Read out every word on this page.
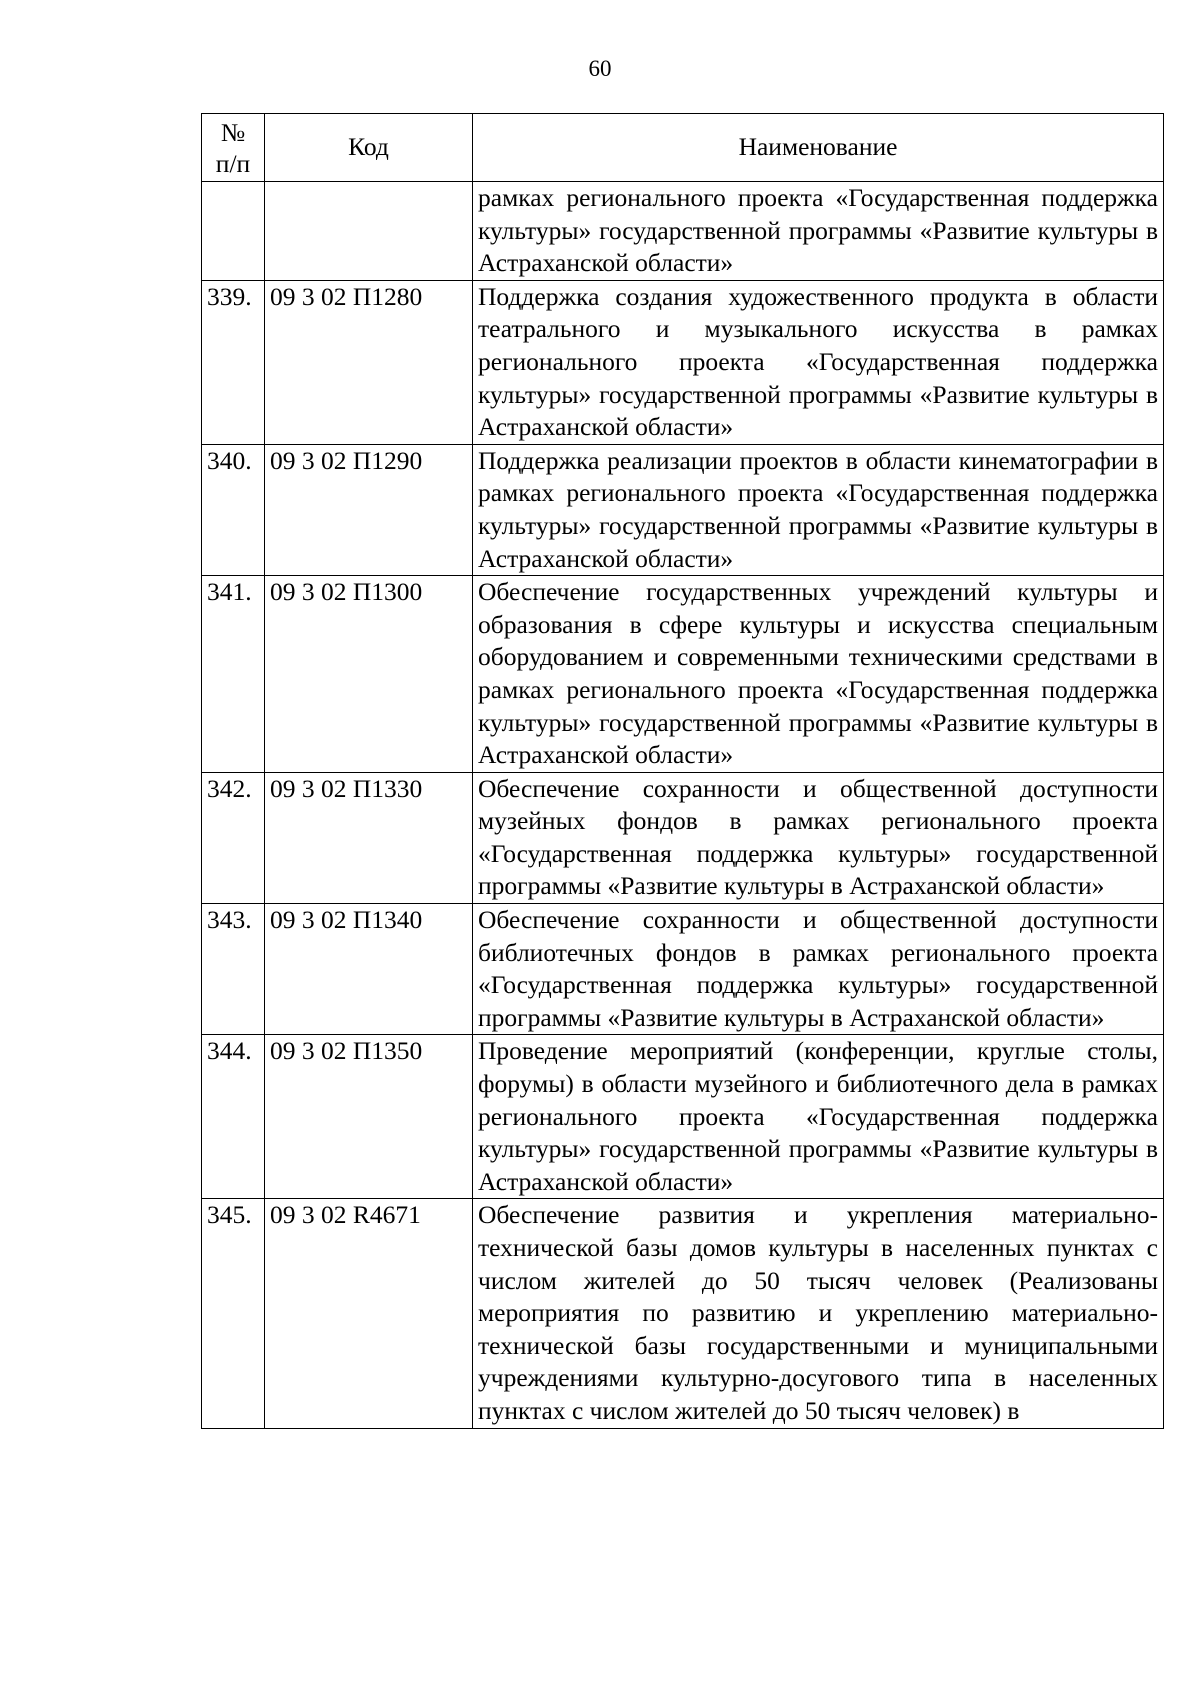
60
№
п/п	Код	Наименование
		рамках регионального проекта «Государственная поддержка культуры» государственной программы «Развитие культуры в Астраханской области»
339.	09 3 02 П1280	Поддержка создания художественного продукта в области театрального и музыкального искусства в рамках регионального проекта «Государственная поддержка культуры» государственной программы «Развитие культуры в Астраханской области»
340.	09 3 02 П1290	Поддержка реализации проектов в области кинематографии в рамках регионального проекта «Государственная поддержка культуры» государственной программы «Развитие культуры в Астраханской области»
341.	09 3 02 П1300	Обеспечение государственных учреждений культуры и образования в сфере культуры и искусства специальным оборудованием и современными техническими средствами в рамках регионального проекта «Государственная поддержка культуры» государственной программы «Развитие культуры в Астраханской области»
342.	09 3 02 П1330	Обеспечение сохранности и общественной доступности музейных фондов в рамках регионального проекта «Государственная поддержка культуры» государственной программы «Развитие культуры в Астраханской области»
343.	09 3 02 П1340	Обеспечение сохранности и общественной доступности библиотечных фондов в рамках регионального проекта «Государственная поддержка культуры» государственной программы «Развитие культуры в Астраханской области»
344.	09 3 02 П1350	Проведение мероприятий (конференции, круглые столы, форумы) в области музейного и библиотечного дела в рамках регионального проекта «Государственная поддержка культуры» государственной программы «Развитие культуры в Астраханской области»
345.	09 3 02 R4671	Обеспечение развития и укрепления материально-технической базы домов культуры в населенных пунктах с числом жителей до 50 тысяч человек (Реализованы мероприятия по развитию и укреплению материально-технической базы государственными и муниципальными учреждениями культурно-досугового типа в населенных пунктах с числом жителей до 50 тысяч человек) в
